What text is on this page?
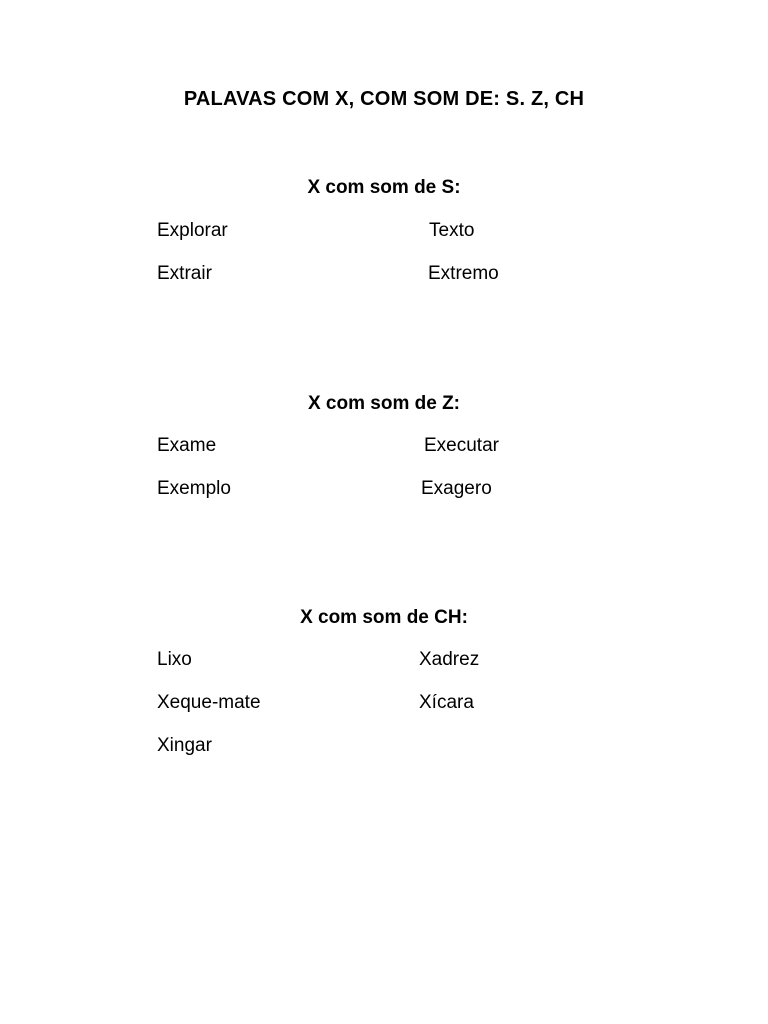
PALAVAS COM X, COM SOM DE: S. Z, CH
X com som de S:
Explorar	Texto
Extrair	Extremo
X com som de Z:
Exame	Executar
Exemplo	Exagero
X com som de CH:
Lixo	Xadrez
Xeque-mate	Xícara
Xingar
